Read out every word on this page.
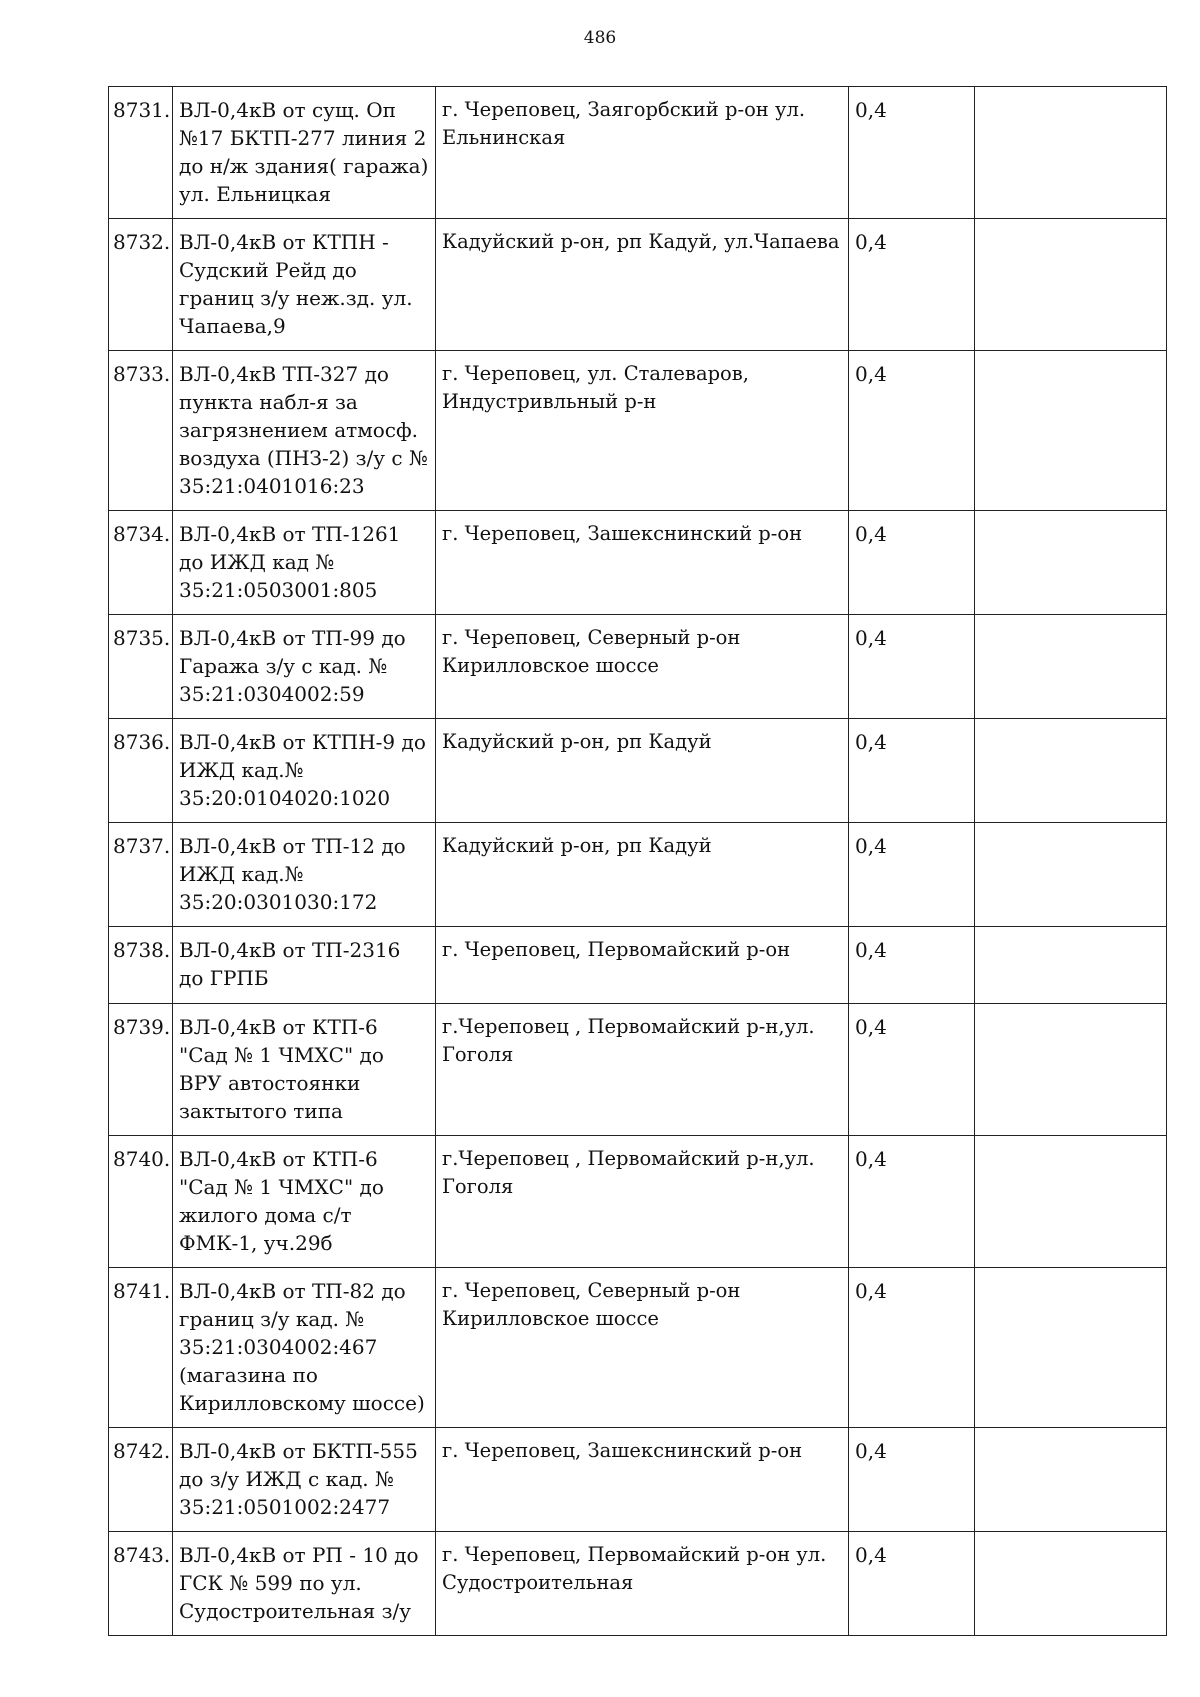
486
8731.	ВЛ-0,4кВ от сущ. Оп №17 БКТП-277 линия 2 до н/ж здания( гаража) ул. Ельницкая	г. Череповец, Заягорбский р-он ул. Ельнинская	0,4	
8732.	ВЛ-0,4кВ от КТПН - Судский Рейд до границ з/у неж.зд. ул. Чапаева,9	Кадуйский р-он, рп Кадуй, ул.Чапаева	0,4	
8733.	ВЛ-0,4кВ ТП-327 до пункта набл-я за загрязнением атмосф. воздуха (ПНЗ-2) з/у с № 35:21:0401016:23	г. Череповец, ул. Сталеваров, Индустривльный р-н	0,4	
8734.	ВЛ-0,4кВ от ТП-1261 до ИЖД кад № 35:21:0503001:805	г. Череповец, Зашекснинский р-он	0,4	
8735.	ВЛ-0,4кВ от ТП-99 до Гаража з/у с кад. № 35:21:0304002:59	г. Череповец, Северный р-он Кирилловское шоссе	0,4	
8736.	ВЛ-0,4кВ от КТПН-9 до ИЖД кад.№ 35:20:0104020:1020	Кадуйский р-он, рп Кадуй	0,4	
8737.	ВЛ-0,4кВ от ТП-12 до ИЖД кад.№ 35:20:0301030:172	Кадуйский р-он, рп Кадуй	0,4	
8738.	ВЛ-0,4кВ от ТП-2316 до ГРПБ	г. Череповец, Первомайский р-он	0,4	
8739.	ВЛ-0,4кВ от КТП-6 "Сад № 1 ЧМХС" до ВРУ автостоянки зактытого типа	г.Череповец , Первомайский р-н,ул. Гоголя	0,4	
8740.	ВЛ-0,4кВ от КТП-6 "Сад № 1 ЧМХС" до жилого дома с/т ФМК-1, уч.29б	г.Череповец , Первомайский р-н,ул. Гоголя	0,4	
8741.	ВЛ-0,4кВ от ТП-82 до границ з/у кад. № 35:21:0304002:467 (магазина по Кирилловскому шоссе)	г. Череповец, Северный р-он Кирилловское шоссе	0,4	
8742.	ВЛ-0,4кВ от БКТП-555 до з/у ИЖД с кад. № 35:21:0501002:2477	г. Череповец, Зашекснинский р-он	0,4	
8743.	ВЛ-0,4кВ от РП - 10 до ГСК № 599 по ул. Судостроительная з/у	г. Череповец, Первомайский р-он ул. Судостроительная	0,4	
